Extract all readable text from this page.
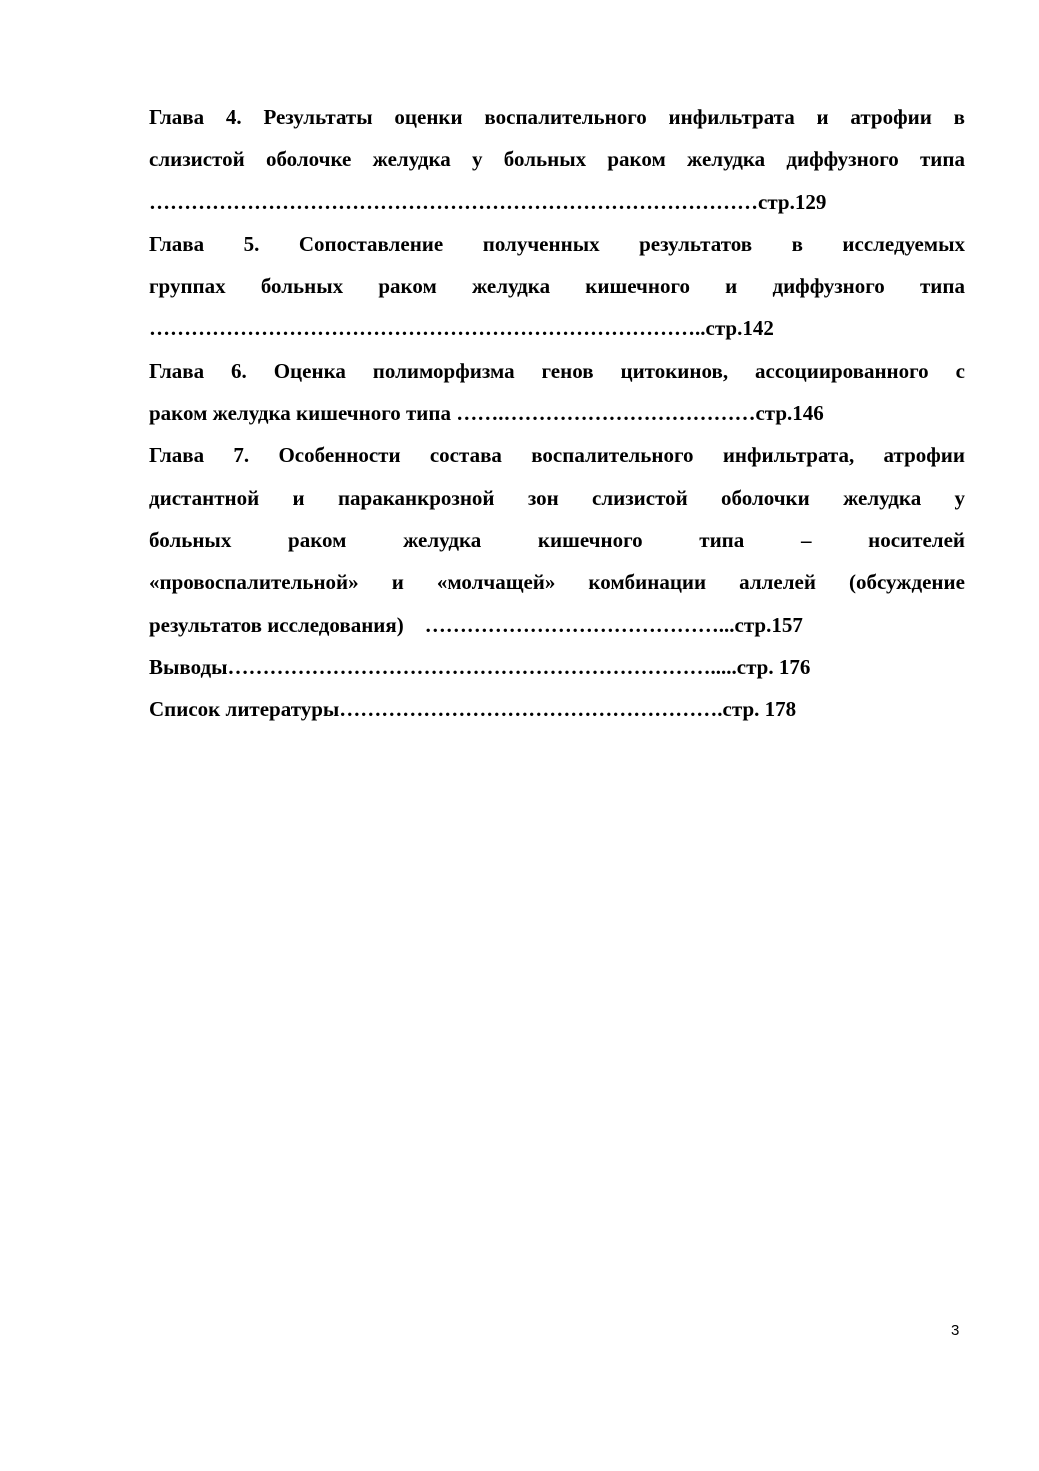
Глава 4. Результаты оценки воспалительного инфильтрата и атрофии в
слизистой оболочке желудка у больных раком желудка диффузного типа
……………………………………………………………………………стр.129
Глава 5. Сопоставление полученных результатов в исследуемых
группах больных раком желудка кишечного и диффузного типа
……………………………………………………………………..стр.142
Глава 6. Оценка полиморфизма генов цитокинов, ассоциированного с
раком желудка кишечного типа …….………………………………стр.146
Глава 7. Особенности состава воспалительного инфильтрата, атрофии
дистантной и параканкрозной зон слизистой оболочки желудка у
больных	раком	желудка	кишечного	типа	–	носителей
«провоспалительной» и «молчащей» комбинации аллелей (обсуждение
результатов исследования)    ……………………………………...стр.157
Выводы…………………………………………………………….....стр. 176
Список литературы……………………………………………….стр. 178
3
